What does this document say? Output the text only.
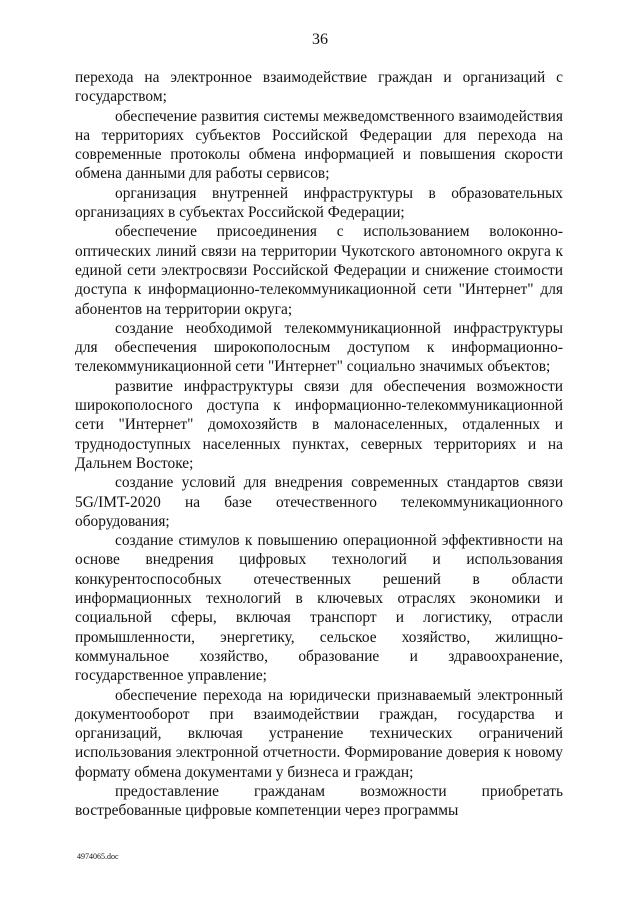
36

перехода на электронное взаимодействие граждан и организаций с государством;

обеспечение развития системы межведомственного взаимодействия на территориях субъектов Российской Федерации для перехода на современные протоколы обмена информацией и повышения скорости обмена данными для работы сервисов;

организация внутренней инфраструктуры в образовательных организациях в субъектах Российской Федерации;

обеспечение присоединения с использованием волоконно-оптических линий связи на территории Чукотского автономного округа к единой сети электросвязи Российской Федерации и снижение стоимости доступа к информационно-телекоммуникационной сети "Интернет" для абонентов на территории округа;

создание необходимой телекоммуникационной инфраструктуры для обеспечения широкополосным доступом к информационно-телекоммуникационной сети "Интернет" социально значимых объектов;

развитие инфраструктуры связи для обеспечения возможности широкополосного доступа к информационно-телекоммуникационной сети "Интернет" домохозяйств в малонаселенных, отдаленных и труднодоступных населенных пунктах, северных территориях и на Дальнем Востоке;

создание условий для внедрения современных стандартов связи 5G/IMT-2020 на базе отечественного телекоммуникационного оборудования;

создание стимулов к повышению операционной эффективности на основе внедрения цифровых технологий и использования конкурентоспособных отечественных решений в области информационных технологий в ключевых отраслях экономики и социальной сферы, включая транспорт и логистику, отрасли промышленности, энергетику, сельское хозяйство, жилищно-коммунальное хозяйство, образование и здравоохранение, государственное управление;

обеспечение перехода на юридически признаваемый электронный документооборот при взаимодействии граждан, государства и организаций, включая устранение технических ограничений использования электронной отчетности. Формирование доверия к новому формату обмена документами у бизнеса и граждан;

предоставление гражданам возможности приобретать востребованные цифровые компетенции через программы

4974065.doc
